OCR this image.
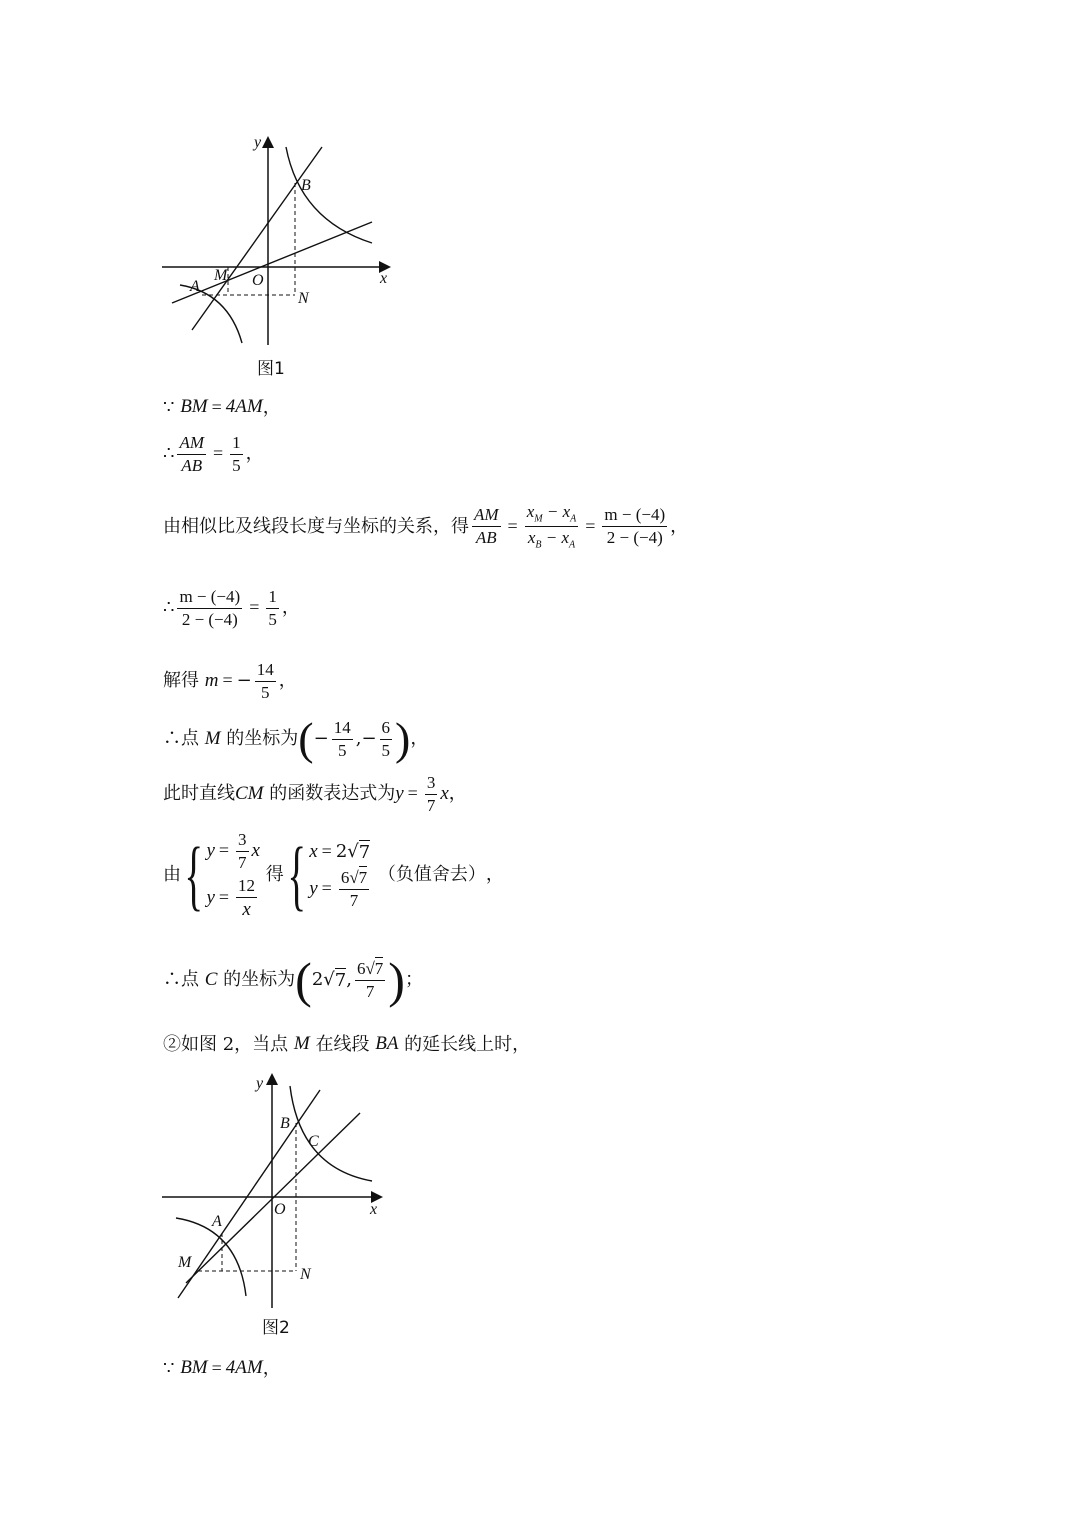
y
x
B
M O
A
N
图1
∵
BM = 4AM ，
∴ $\frac{AM}{AB} = \frac{1}{5}$ ，
由相似比及线段长度与坐标的关系，得 $\frac{AM}{AB} = \frac{x_M - x_A}{x_B - x_A} = \frac{m - (-4)}{2 - (-4)}$ ，
∴ $\frac{m - (-4)}{2 - (-4)} = \frac{1}{5}$ ，
解得
m = − $\frac{14}{5}$ ，
∴点
M
的坐标为 ( − $\frac{14}{5}$ , − $\frac{6}{5}$ ) ，
此时直线 CM
的函数表达式为 $y = \frac{3}{7}$ x ，
由 { $y = \frac{3}{7}$ x
$y = \frac{12}{x}$

得 { x = 2 √ 7
$y = \frac{6√7}{7}$
（负值舍去） ，
∴点
C
的坐标为 ( 2 √ 7 , $\frac{6√7}{7}$ ) ；
②如图 2，当点
M
在线段
BA
的延长线上时，
y
x
B
C
O
A
M
N
图2
∵
BM = 4AM ，
